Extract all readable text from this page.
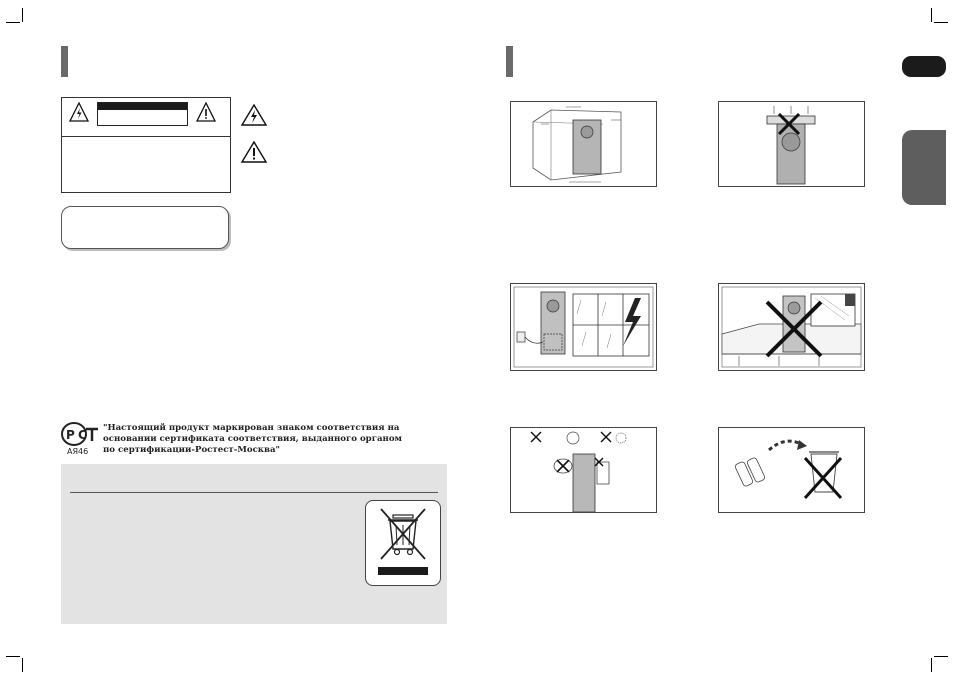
Р С
АЯ46
"Настоящий продукт маркирован знаком соответствия на
основании сертификата соответствия, выданного органом
по сертификации-Ростест-Москва"
